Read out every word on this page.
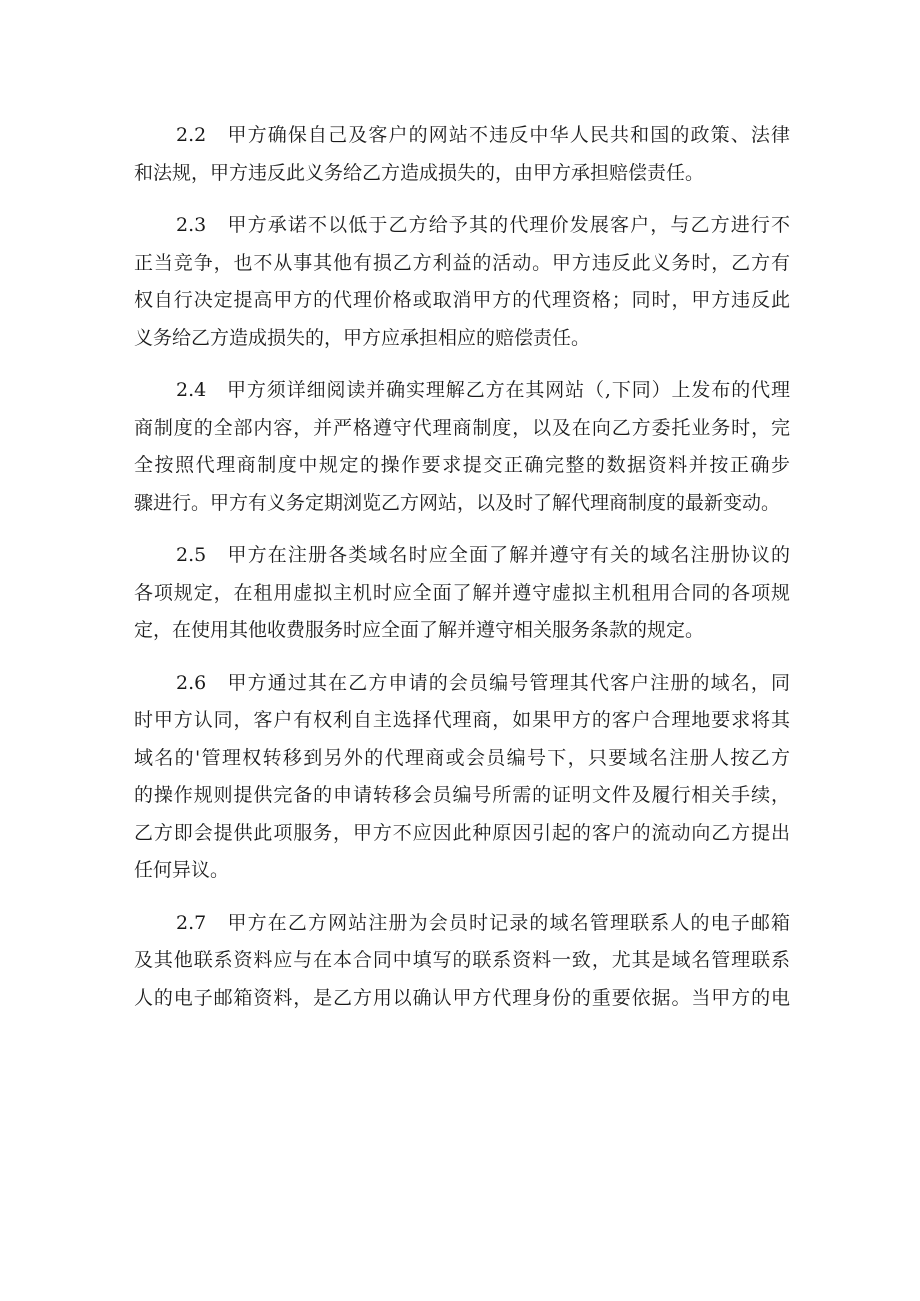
2.2　甲方确保自己及客户的网站不违反中华人民共和国的政策、法律
和法规，甲方违反此义务给乙方造成损失的，由甲方承担赔偿责任。
2.3　甲方承诺不以低于乙方给予其的代理价发展客户，与乙方进行不
正当竞争，也不从事其他有损乙方利益的活动。甲方违反此义务时，乙方有
权自行决定提高甲方的代理价格或取消甲方的代理资格；同时，甲方违反此
义务给乙方造成损失的，甲方应承担相应的赔偿责任。
2.4　甲方须详细阅读并确实理解乙方在其网站（,下同）上发布的代理
商制度的全部内容，并严格遵守代理商制度，以及在向乙方委托业务时，完
全按照代理商制度中规定的操作要求提交正确完整的数据资料并按正确步
骤进行。甲方有义务定期浏览乙方网站，以及时了解代理商制度的最新变动。
2.5　甲方在注册各类域名时应全面了解并遵守有关的域名注册协议的
各项规定，在租用虚拟主机时应全面了解并遵守虚拟主机租用合同的各项规
定，在使用其他收费服务时应全面了解并遵守相关服务条款的规定。
2.6　甲方通过其在乙方申请的会员编号管理其代客户注册的域名，同
时甲方认同，客户有权利自主选择代理商，如果甲方的客户合理地要求将其
域名的'管理权转移到另外的代理商或会员编号下，只要域名注册人按乙方
的操作规则提供完备的申请转移会员编号所需的证明文件及履行相关手续，
乙方即会提供此项服务，甲方不应因此种原因引起的客户的流动向乙方提出
任何异议。
2.7　甲方在乙方网站注册为会员时记录的域名管理联系人的电子邮箱
及其他联系资料应与在本合同中填写的联系资料一致，尤其是域名管理联系
人的电子邮箱资料，是乙方用以确认甲方代理身份的重要依据。当甲方的电
